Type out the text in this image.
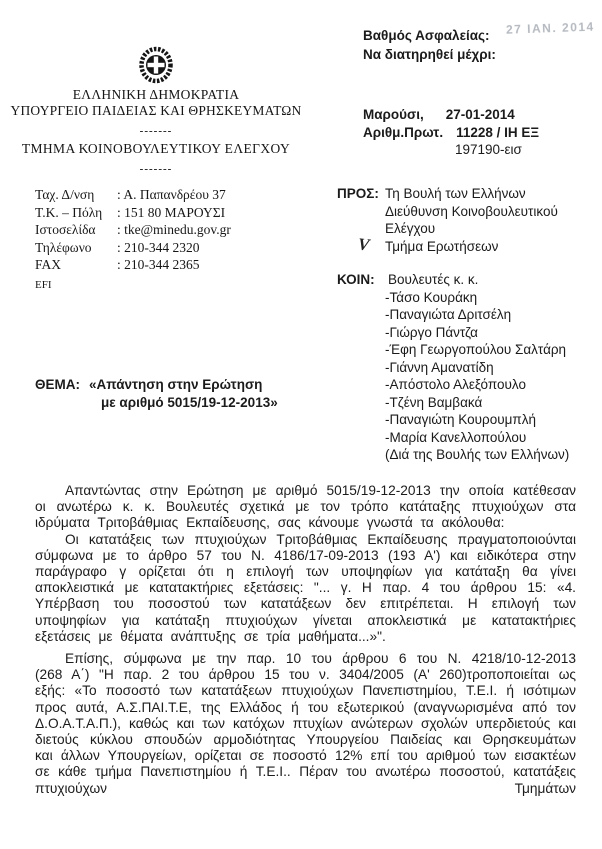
27 ΙΑΝ. 2014
Βαθμός Ασφαλείας:
Να διατηρηθεί μέχρι:
ΕΛΛΗΝΙΚΗ ΔΗΜΟΚΡΑΤΙΑ
ΥΠΟΥΡΓΕΙΟ ΠΑΙΔΕΙΑΣ ΚΑΙ ΘΡΗΣΚΕΥΜΑΤΩΝ
-------
ΤΜΗΜΑ ΚΟΙΝΟΒΟΥΛΕΥΤΙΚΟΥ ΕΛΕΓΧΟΥ
-------
Μαρούσι, 27-01-2014
Αριθμ.Πρωτ. 11228 / ΙΗ ΕΞ
197190-εισ
Ταχ. Δ/νση	: Α. Παπανδρέου 37
Τ.Κ. – Πόλη	: 151 80 ΜΑΡΟΥΣΙ
Ιστοσελίδα	: tke@minedu.gov.gr
Τηλέφωνο	: 210-344 2320
FAX	: 210-344 2365
EFI
ΠΡΟΣ: Τη Βουλή των Ελλήνων
Διεύθυνση Κοινοβουλευτικού
Ελέγχου
V Τμήμα Ερωτήσεων
ΚΟΙΝ: Βουλευτές κ. κ.
-Τάσο Κουράκη
-Παναγιώτα Δριτσέλη
-Γιώργο Πάντζα
-Έφη Γεωργοπούλου Σαλτάρη
-Γιάννη Αμανατίδη
-Απόστολο Αλεξόπουλο
-Τζένη Βαμβακά
-Παναγιώτη Κουρουμπλή
-Μαρία Κανελλοπούλου
(Διά της Βουλής των Ελλήνων)
ΘΕΜΑ: «Απάντηση στην Ερώτηση
με αριθμό 5015/19-12-2013»

Απαντώντας στην Ερώτηση με αριθμό 5015/19-12-2013 την οποία κατέθεσαν οι ανωτέρω κ. κ. Βουλευτές σχετικά με τον τρόπο κατάταξης πτυχιούχων στα ιδρύματα Τριτοβάθμιας Εκπαίδευσης, σας κάνουμε γνωστά τα ακόλουθα:

Οι κατατάξεις των πτυχιούχων Τριτοβάθμιας Εκπαίδευσης πραγματοποιούνται σύμφωνα με το άρθρο 57 του Ν. 4186/17-09-2013 (193 Α') και ειδικότερα στην παράγραφο γ ορίζεται ότι η επιλογή των υποψηφίων για κατάταξη θα γίνει αποκλειστικά με κατατακτήριες εξετάσεις: "... γ. Η παρ. 4 του άρθρου 15: «4. Υπέρβαση του ποσοστού των κατατάξεων δεν επιτρέπεται. Η επιλογή των υποψηφίων για κατάταξη πτυχιούχων γίνεται αποκλειστικά με κατατακτήριες εξετάσεις με θέματα ανάπτυξης σε τρία μαθήματα...»".

Επίσης, σύμφωνα με την παρ. 10 του άρθρου 6 του Ν. 4218/10-12-2013 (268 Α΄) "Η παρ. 2 του άρθρου 15 του ν. 3404/2005 (Α' 260)τροποποιείται ως εξής: «Το ποσοστό των κατατάξεων πτυχιούχων Πανεπιστημίου, Τ.Ε.Ι. ή ισότιμων προς αυτά, Α.Σ.ΠΑΙ.Τ.Ε, της Ελλάδος ή του εξωτερικού (αναγνωρισμένα από τον Δ.Ο.Α.Τ.Α.Π.), καθώς και των κατόχων πτυχίων ανώτερων σχολών υπερδιετούς και διετούς κύκλου σπουδών αρμοδιότητας Υπουργείου Παιδείας και Θρησκευμάτων και άλλων Υπουργείων, ορίζεται σε ποσοστό 12% επί του αριθμού των εισακτέων σε κάθε τμήμα Πανεπιστημίου ή Τ.Ε.Ι.. Πέραν του ανωτέρω ποσοστού, κατατάξεις πτυχιούχων Τμημάτων
